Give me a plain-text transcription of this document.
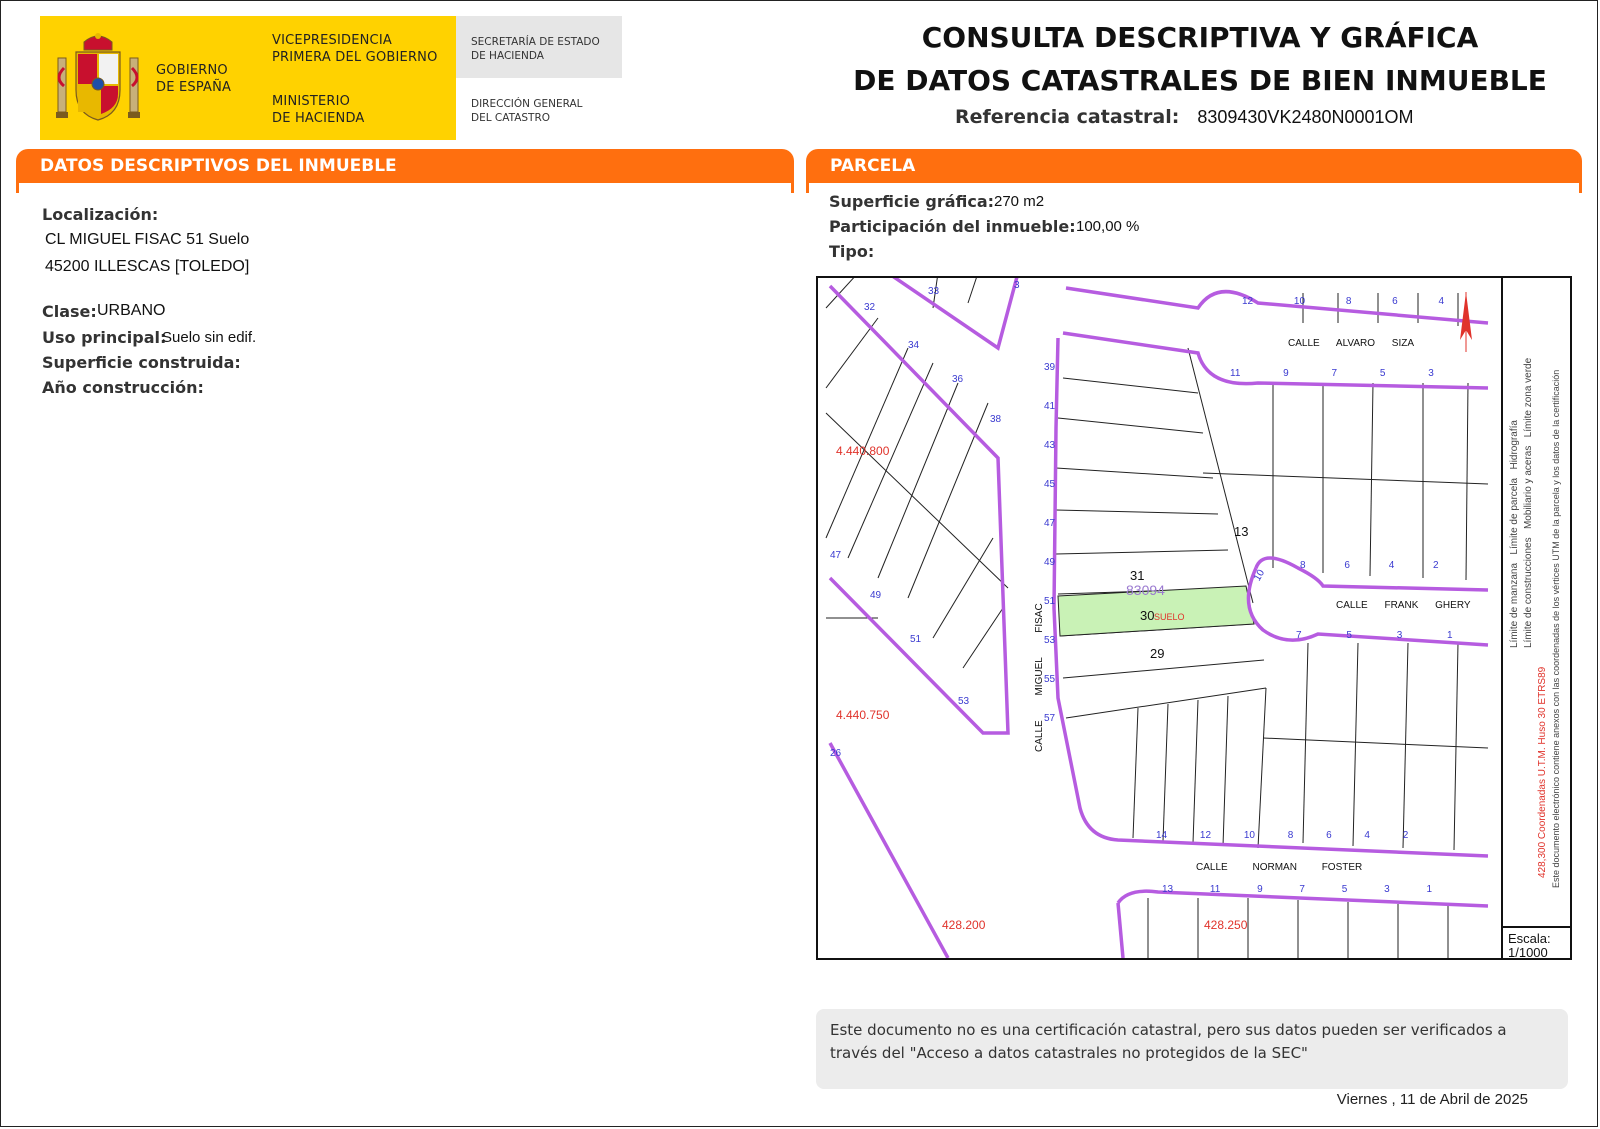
GOBIERNO
DE ESPAÑA
VICEPRESIDENCIA
PRIMERA DEL GOBIERNO
MINISTERIO
DE HACIENDA
SECRETARÍA DE ESTADO
DE HACIENDA
DIRECCIÓN GENERAL
DEL CATASTRO
CONSULTA DESCRIPTIVA Y GRÁFICA
DE DATOS CATASTRALES DE BIEN INMUEBLE
Referencia catastral: 8309430VK2480N0001OM
DATOS DESCRIPTIVOS DEL INMUEBLE	PARCELA
Localización:
CL MIGUEL FISAC 51 Suelo
45200 ILLESCAS [TOLEDO]
Clase: URBANO
Uso principal:
Suelo sin edif.
Superficie construida:
Año construcción:
Superficie gráfica: 270 m2
Participación del inmueble: 100,00 %
Tipo:
4.440.800
4.440.750
428.200	428.250
CALLE ALVARO SIZA
CALLE FRANK GHERY
CALLE NORMAN FOSTER
CALLE MIGUEL FISAC
83094
31
30 SUELO
29
13
12	10	8	6	4
11	9	7	5	3
8	6	4	2
10
7	5	3	1
14	12	10	8	6	4	2
13	11	9	7	5	3	1
39
41
43
45
47
49
51
53
55
57
32
34
36
38
33
3
47
49
51
53
26
Límite de manzana   Límite de parcela   Hidrografía
Límite de construcciones   Mobiliario y aceras   Límite zona verde
428,300 Coordenadas U.T.M. Huso 30 ETRS89 Este documento electrónico contiene anexos con las coordenadas de los vértices UTM de la parcela y los datos de la certificación
Escala:
1/1000
Este documento no es una certificación catastral, pero sus datos pueden ser verificados a través del "Acceso a datos catastrales no protegidos de la SEC"
Viernes , 11 de Abril de 2025
